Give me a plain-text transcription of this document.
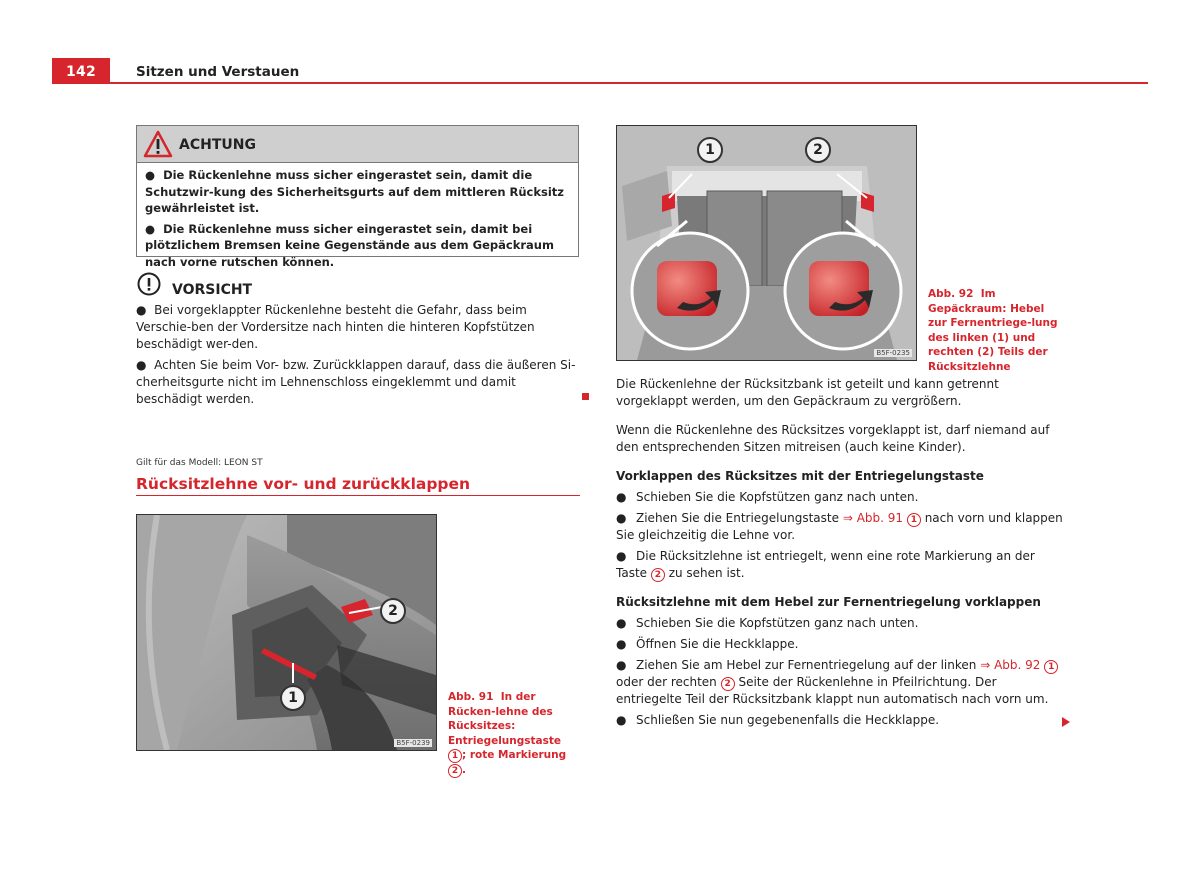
142	Sitzen und Verstauen
ACHTUNG

● Die Rückenlehne muss sicher eingerastet sein, damit die Schutzwir-kung des Sicherheitsgurts auf dem mittleren Rücksitz gewährleistet ist.

● Die Rückenlehne muss sicher eingerastet sein, damit bei plötzlichem Bremsen keine Gegenstände aus dem Gepäckraum nach vorne rutschen können.

VORSICHT

● Bei vorgeklappter Rückenlehne besteht die Gefahr, dass beim Verschie-ben der Vordersitze nach hinten die hinteren Kopfstützen beschädigt wer-den.

● Achten Sie beim Vor- bzw. Zurückklappen darauf, dass die äußeren Si-cherheitsgurte nicht im Lehnenschloss eingeklemmt und damit beschädigt werden.

Gilt für das Modell: LEON ST
Rücksitzlehne vor- und zurückklappen
2
1
B5F-0239
Abb. 91 In der Rücken-lehne des Rücksitzes: Entriegelungstaste 1 ; rote Markierung 2 .
1	2
B5F-0235
Abb. 92 Im Gepäckraum: Hebel zur Fernentriege-lung des linken (1) und rechten (2) Teils der Rücksitzlehne

Die Rückenlehne der Rücksitzbank ist geteilt und kann getrennt vorgeklappt werden, um den Gepäckraum zu vergrößern.

Wenn die Rückenlehne des Rücksitzes vorgeklappt ist, darf niemand auf den entsprechenden Sitzen mitreisen (auch keine Kinder).

Vorklappen des Rücksitzes mit der Entriegelungstaste

● Schieben Sie die Kopfstützen ganz nach unten.

● Ziehen Sie die Entriegelungstaste ⇒ Abb. 91 1 nach vorn und klappen Sie gleichzeitig die Lehne vor.

● Die Rücksitzlehne ist entriegelt, wenn eine rote Markierung an der Taste 2 zu sehen ist.

Rücksitzlehne mit dem Hebel zur Fernentriegelung vorklappen

● Schieben Sie die Kopfstützen ganz nach unten.

● Öffnen Sie die Heckklappe.

● Ziehen Sie am Hebel zur Fernentriegelung auf der linken ⇒ Abb. 92 1 oder der rechten 2 Seite der Rückenlehne in Pfeilrichtung. Der entriegelte Teil der Rücksitzbank klappt nun automatisch nach vorn um.

● Schließen Sie nun gegebenenfalls die Heckklappe.
